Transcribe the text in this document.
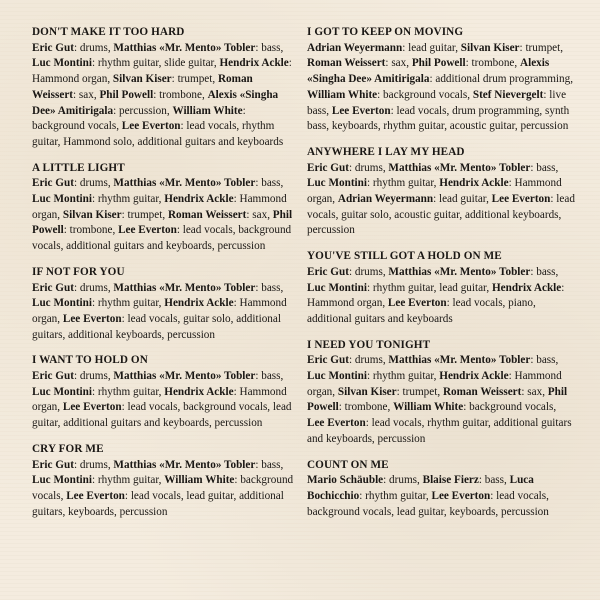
DON'T MAKE IT TOO HARD
Eric Gut: drums, Matthias «Mr. Mento» Tobler: bass, Luc Montini: rhythm guitar, slide guitar, Hendrix Ackle: Hammond organ, Silvan Kiser: trumpet, Roman Weissert: sax, Phil Powell: trombone, Alexis «Singha Dee» Amitirigala: percussion, William White: background vocals, Lee Everton: lead vocals, rhythm guitar, Hammond solo, additional guitars and keyboards
A LITTLE LIGHT
Eric Gut: drums, Matthias «Mr. Mento» Tobler: bass, Luc Montini: rhythm guitar, Hendrix Ackle: Hammond organ, Silvan Kiser: trumpet, Roman Weissert: sax, Phil Powell: trombone, Lee Everton: lead vocals, background vocals, additional guitars and keyboards, percussion
IF NOT FOR YOU
Eric Gut: drums, Matthias «Mr. Mento» Tobler: bass, Luc Montini: rhythm guitar, Hendrix Ackle: Hammond organ, Lee Everton: lead vocals, guitar solo, additional guitars, additional keyboards, percussion
I WANT TO HOLD ON
Eric Gut: drums, Matthias «Mr. Mento» Tobler: bass, Luc Montini: rhythm guitar, Hendrix Ackle: Hammond organ, Lee Everton: lead vocals, background vocals, lead guitar, additional guitars and keyboards, percussion
CRY FOR ME
Eric Gut: drums, Matthias «Mr. Mento» Tobler: bass, Luc Montini: rhythm guitar, William White: background vocals, Lee Everton: lead vocals, lead guitar, additional guitars, keyboards, percussion
I GOT TO KEEP ON MOVING
Adrian Weyermann: lead guitar, Silvan Kiser: trumpet, Roman Weissert: sax, Phil Powell: trombone, Alexis «Singha Dee» Amitirigala: additional drum programming, William White: background vocals, Stef Nievergelt: live bass, Lee Everton: lead vocals, drum programming, synth bass, keyboards, rhythm guitar, acoustic guitar, percussion
ANYWHERE I LAY MY HEAD
Eric Gut: drums, Matthias «Mr. Mento» Tobler: bass, Luc Montini: rhythm guitar, Hendrix Ackle: Hammond organ, Adrian Weyermann: lead guitar, Lee Everton: lead vocals, guitar solo, acoustic guitar, additional keyboards, percussion
YOU'VE STILL GOT A HOLD ON ME
Eric Gut: drums, Matthias «Mr. Mento» Tobler: bass, Luc Montini: rhythm guitar, lead guitar, Hendrix Ackle: Hammond organ, Lee Everton: lead vocals, piano, additional guitars and keyboards
I NEED YOU TONIGHT
Eric Gut: drums, Matthias «Mr. Mento» Tobler: bass, Luc Montini: rhythm guitar, Hendrix Ackle: Hammond organ, Silvan Kiser: trumpet, Roman Weissert: sax, Phil Powell: trombone, William White: background vocals, Lee Everton: lead vocals, rhythm guitar, additional guitars and keyboards, percussion
COUNT ON ME
Mario Schäuble: drums, Blaise Fierz: bass, Luca Bochicchio: rhythm guitar, Lee Everton: lead vocals, background vocals, lead guitar, keyboards, percussion
